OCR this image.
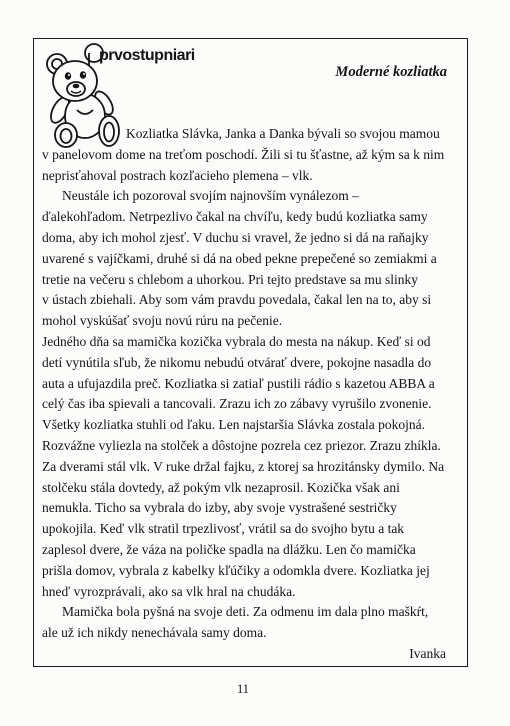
prvostupniari
Moderné kozliatka
Kozliatka Slávka, Janka a Danka bývali so svojou mamou
v panelovom dome na treťom poschodí. Žili si tu šťastne, až kým sa k nim
neprisťahoval postrach kozľacieho plemena – vlk.
Neustále ich pozoroval svojím najnovším vynálezom –
ďalekohľadom. Netrpezlivo čakal na chvíľu, kedy budú kozliatka samy
doma, aby ich mohol zjesť. V duchu si vravel, že jedno si dá na raňajky
uvarené s vajíčkami, druhé si dá na obed pekne prepečené so zemiakmi a
tretie na večeru s chlebom a uhorkou. Pri tejto predstave sa mu slinky
v ústach zbiehali. Aby som vám pravdu povedala, čakal len na to, aby si
mohol vyskúšať svoju novú rúru na pečenie.
Jedného dňa sa mamička kozička vybrala do mesta na nákup. Keď si od
detí vynútila sľub, že nikomu nebudú otvárať dvere, pokojne nasadla do
auta a ufujazdila preč. Kozliatka si zatiaľ pustili rádio s kazetou ABBA a
celý čas iba spievali a tancovali. Zrazu ich zo zábavy vyrušilo zvonenie.
Všetky kozliatka stuhli od ľaku. Len najstaršia Slávka zostala pokojná.
Rozvážne vyliezla na stolček a dôstojne pozrela cez priezor. Zrazu zhíkla.
Za dverami stál vlk. V ruke držal fajku, z ktorej sa hrozitánsky dymilo. Na
stolčeku stála dovtedy, až pokým vlk nezaprosil. Kozička však ani
nemukla. Ticho sa vybrala do izby, aby svoje vystrašené sestričky
upokojila. Keď vlk stratil trpezlivosť, vrátil sa do svojho bytu a tak
zaplesol dvere, že váza na poličke spadla na dlážku. Len čo mamička
prišla domov, vybrala z kabelky kľúčiky a odomkla dvere. Kozliatka jej
hneď vyrozprávali, ako sa vlk hral na chudáka.
Mamička bola pyšná na svoje deti. Za odmenu im dala plno maškŕt,
ale už ich nikdy nenechávala samy doma.
Ivanka
11
